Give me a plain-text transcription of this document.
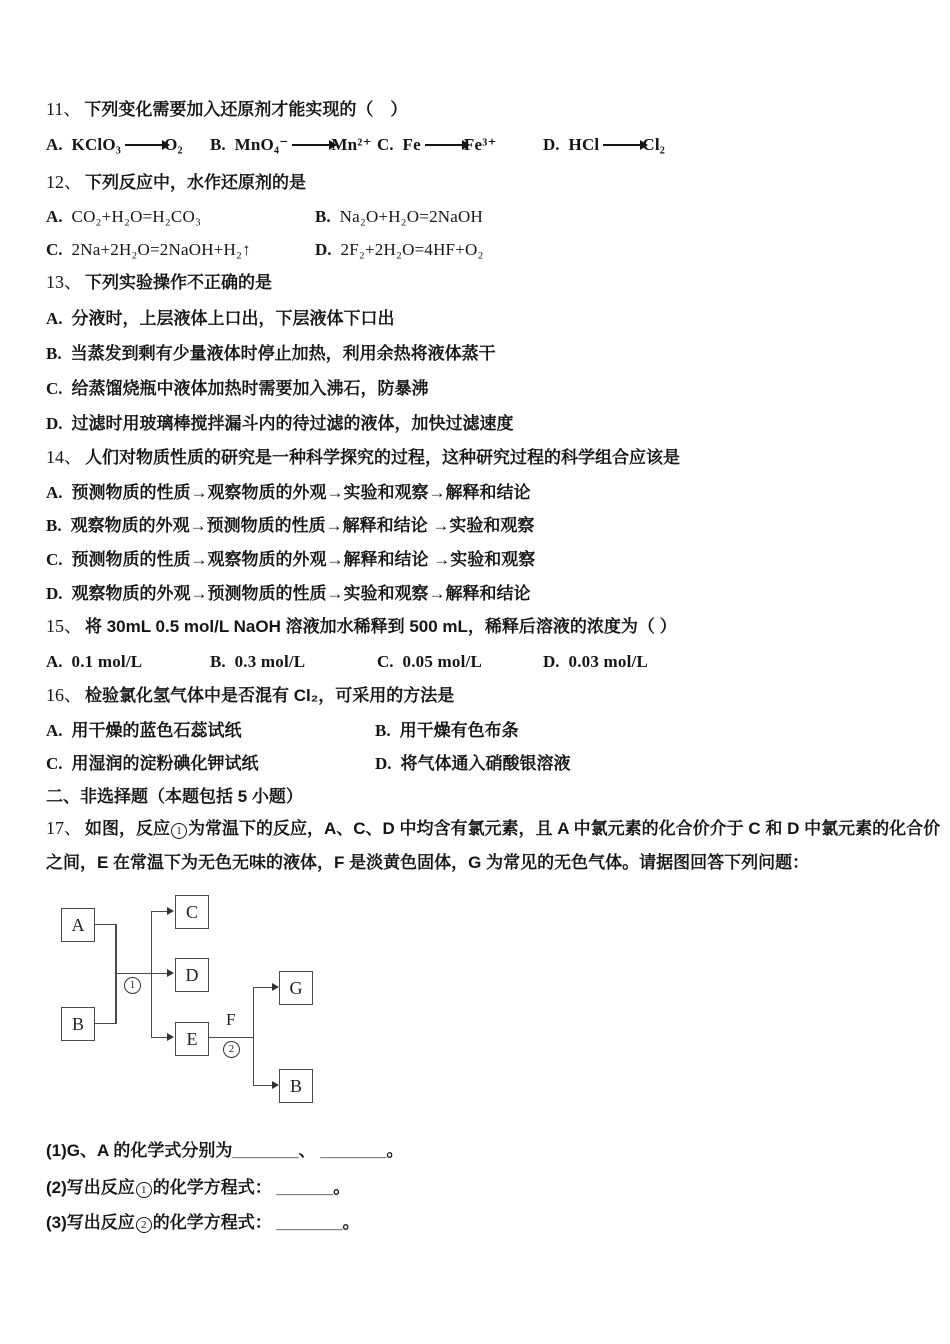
11、 下列变化需要加入还原剂才能实现的（　）
A. KClO₃ →O₂ B. MnO₄⁻ →Mn²⁺ C. Fe →Fe³⁺	D. HCl →Cl₂
12、 下列反应中，水作还原剂的是
A. CO₂+H₂O=H₂CO₃	B. Na₂O+H₂O=2NaOH
C. 2Na+2H₂O=2NaOH+H₂↑	D. 2F₂+2H₂O=4HF+O₂
13、 下列实验操作不正确的是
A. 分液时，上层液体上口出，下层液体下口出
B. 当蒸发到剩有少量液体时停止加热，利用余热将液体蒸干
C. 给蒸馏烧瓶中液体加热时需要加入沸石，防暴沸
D. 过滤时用玻璃棒搅拌漏斗内的待过滤的液体，加快过滤速度
14、 人们对物质性质的研究是一种科学探究的过程，这种研究过程的科学组合应该是
A. 预测物质的性质→观察物质的外观→实验和观察→解释和结论
B. 观察物质的外观→预测物质的性质→解释和结论 →实验和观察
C. 预测物质的性质→观察物质的外观→解释和结论 →实验和观察
D. 观察物质的外观→预测物质的性质→实验和观察→解释和结论
15、 将 30mL 0.5 mol/L NaOH 溶液加水稀释到 500 mL，稀释后溶液的浓度为（ ）
A. 0.1 mol/L	B. 0.3 mol/L	C. 0.05 mol/L	D. 0.03 mol/L
16、 检验氯化氢气体中是否混有 Cl₂，可采用的方法是
A. 用干燥的蓝色石蕊试纸	B. 用干燥有色布条
C. 用湿润的淀粉碘化钾试纸	D. 将气体通入硝酸银溶液
二、非选择题（本题包括 5 小题）
17、 如图，反应 1 为常温下的反应，A、C、D 中均含有氯元素，且 A 中氯元素的化合价介于 C 和 D 中氯元素的化合价
之间，E 在常温下为无色无味的液体，F 是淡黄色固体，G 为常见的无色气体。请据图回答下列问题：
A
B
C
D
E
G
B
1
F
2
(1)G、A 的化学式分别为_______、 _______。
(2)写出反应 1 的化学方程式： ______。
(3)写出反应 2 的化学方程式： _______。
